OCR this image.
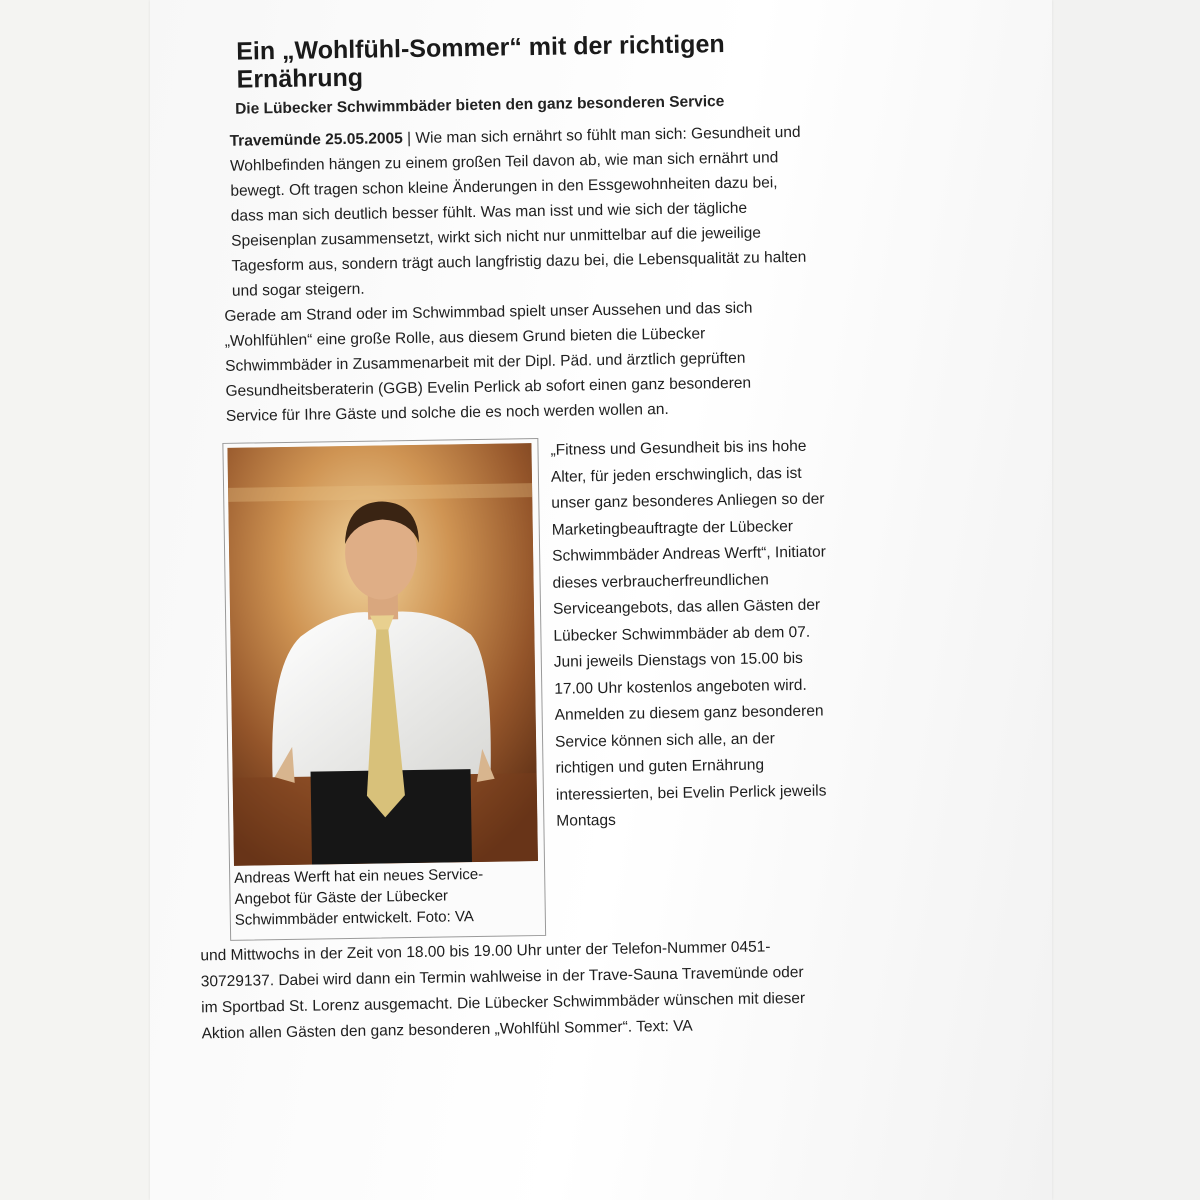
Ein „Wohlfühl-Sommer“ mit der richtigen Ernährung
Die Lübecker Schwimmbäder bieten den ganz besonderen Service

Travemünde 25.05.2005 | Wie man sich ernährt so fühlt man sich: Gesundheit und Wohlbefinden hängen zu einem großen Teil davon ab, wie man sich ernährt und bewegt. Oft tragen schon kleine Änderungen in den Essgewohnheiten dazu bei, dass man sich deutlich besser fühlt. Was man isst und wie sich der tägliche Speisenplan zusammensetzt, wirkt sich nicht nur unmittelbar auf die jeweilige Tagesform aus, sondern trägt auch langfristig dazu bei, die Lebensqualität zu halten und sogar steigern.

Gerade am Strand oder im Schwimmbad spielt unser Aussehen und das sich „Wohlfühlen“ eine große Rolle, aus diesem Grund bieten die Lübecker Schwimmbäder in Zusammenarbeit mit der Dipl. Päd. und ärztlich geprüften Gesundheitsberaterin (GGB) Evelin Perlick ab sofort einen ganz besonderen Service für Ihre Gäste und solche die es noch werden wollen an.

Andreas Werft hat ein neues Service-Angebot für Gäste der Lübecker Schwimmbäder entwickelt. Foto: VA

„Fitness und Gesundheit bis ins hohe Alter, für jeden erschwinglich, das ist unser ganz besonderes Anliegen so der Marketingbeauftragte der Lübecker Schwimmbäder Andreas Werft“, Initiator dieses verbraucherfreundlichen Serviceangebots, das allen Gästen der Lübecker Schwimmbäder ab dem 07. Juni jeweils Dienstags von 15.00 bis 17.00 Uhr kostenlos angeboten wird.

Anmelden zu diesem ganz besonderen Service können sich alle, an der richtigen und guten Ernährung interessierten, bei Evelin Perlick jeweils Montags

und Mittwochs in der Zeit von 18.00 bis 19.00 Uhr unter der Telefon-Nummer 0451-30729137. Dabei wird dann ein Termin wahlweise in der Trave-Sauna Travemünde oder im Sportbad St. Lorenz ausgemacht. Die Lübecker Schwimmbäder wünschen mit dieser Aktion allen Gästen den ganz besonderen „Wohlfühl Sommer“. Text: VA
